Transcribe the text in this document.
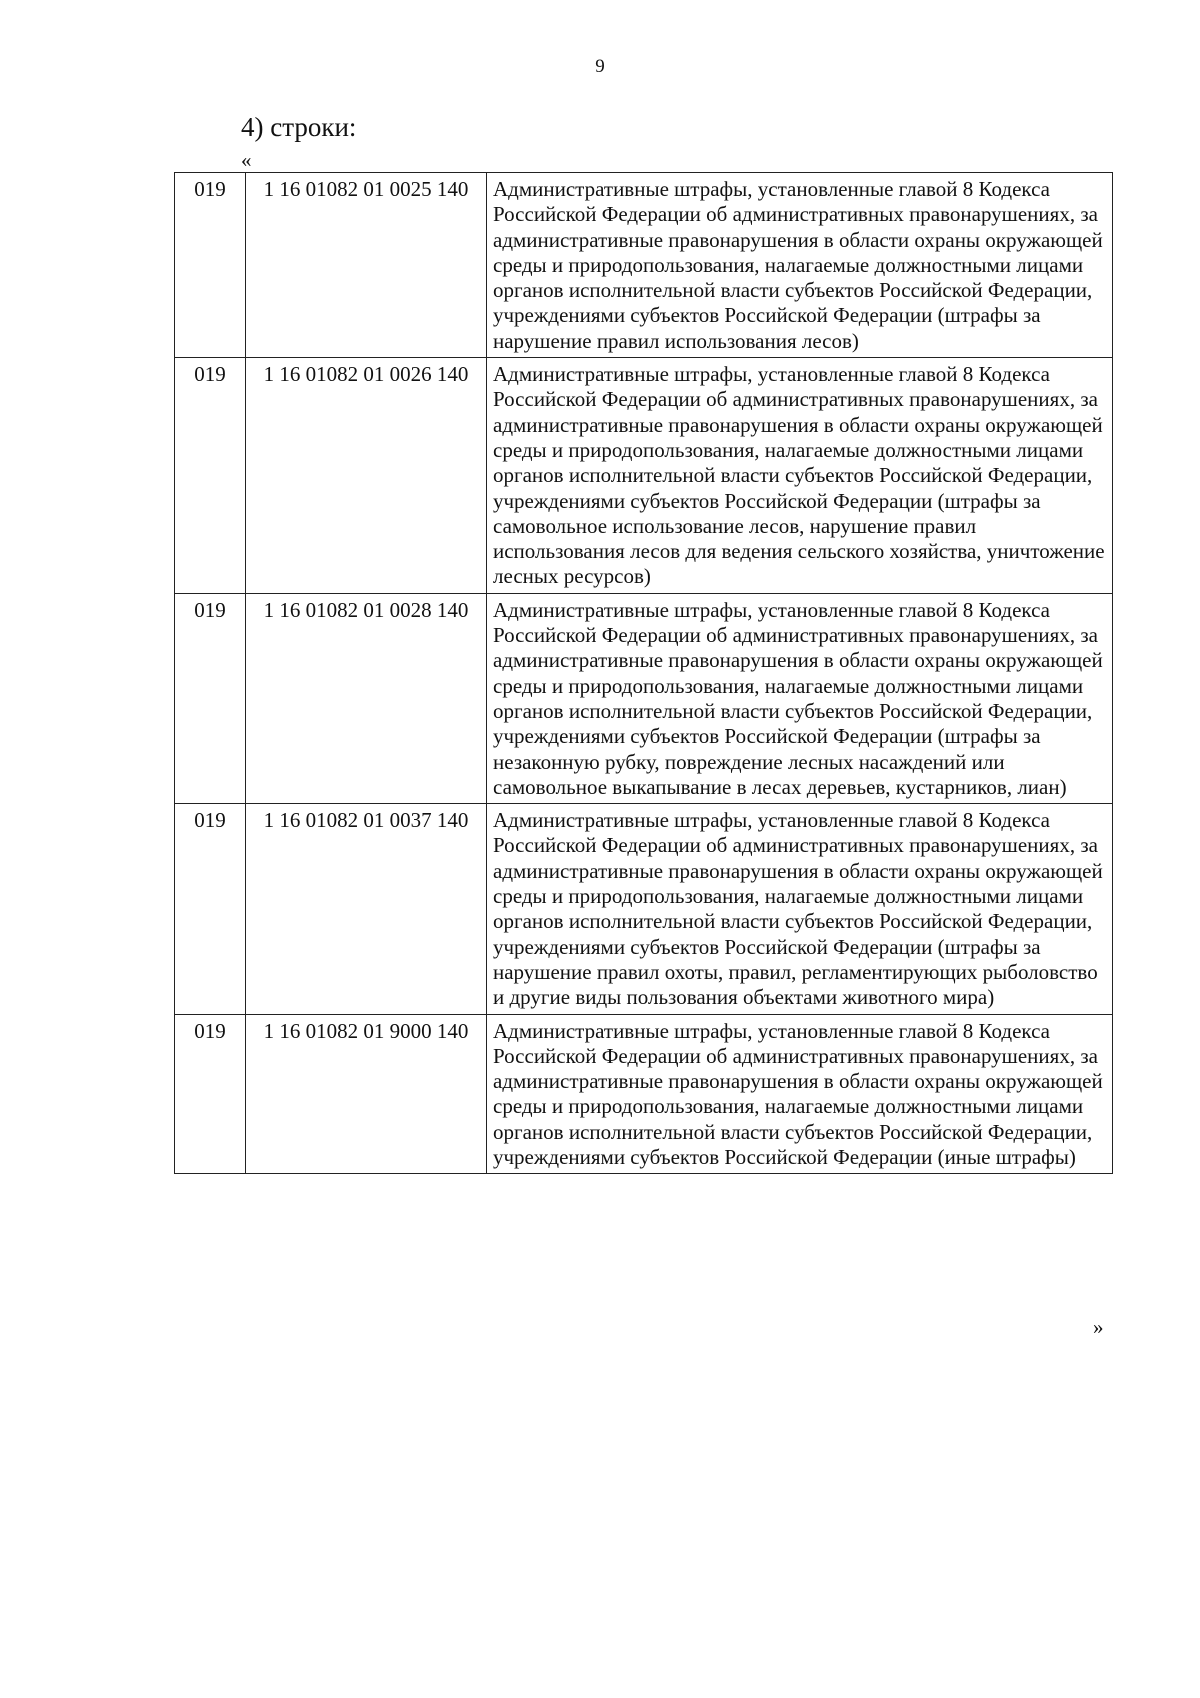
9
4) строки:
«
019	1 16 01082 01 0025 140	Административные штрафы, установленные главой 8 Кодекса Российской Федерации об административных правонарушениях, за административные правонарушения в области охраны окружающей среды и природопользования, налагаемые должностными лицами органов исполнительной власти субъектов Российской Федерации, учреждениями субъектов Российской Федерации (штрафы за нарушение правил использования лесов)
019	1 16 01082 01 0026 140	Административные штрафы, установленные главой 8 Кодекса Российской Федерации об административных правонарушениях, за административные правонарушения в области охраны окружающей среды и природопользования, налагаемые должностными лицами органов исполнительной власти субъектов Российской Федерации, учреждениями субъектов Российской Федерации (штрафы за самовольное использование лесов, нарушение правил использования лесов для ведения сельского хозяйства, уничтожение лесных ресурсов)
019	1 16 01082 01 0028 140	Административные штрафы, установленные главой 8 Кодекса Российской Федерации об административных правонарушениях, за административные правонарушения в области охраны окружающей среды и природопользования, налагаемые должностными лицами органов исполнительной власти субъектов Российской Федерации, учреждениями субъектов Российской Федерации (штрафы за незаконную рубку, повреждение лесных насаждений или самовольное выкапывание в лесах деревьев, кустарников, лиан)
019	1 16 01082 01 0037 140	Административные штрафы, установленные главой 8 Кодекса Российской Федерации об административных правонарушениях, за административные правонарушения в области охраны окружающей среды и природопользования, налагаемые должностными лицами органов исполнительной власти субъектов Российской Федерации, учреждениями субъектов Российской Федерации (штрафы за нарушение правил охоты, правил, регламентирующих рыболовство и другие виды пользования объектами животного мира)
019	1 16 01082 01 9000 140	Административные штрафы, установленные главой 8 Кодекса Российской Федерации об административных правонарушениях, за административные правонарушения в области охраны окружающей среды и природопользования, налагаемые должностными лицами органов исполнительной власти субъектов Российской Федерации, учреждениями субъектов Российской Федерации (иные штрафы)
»
